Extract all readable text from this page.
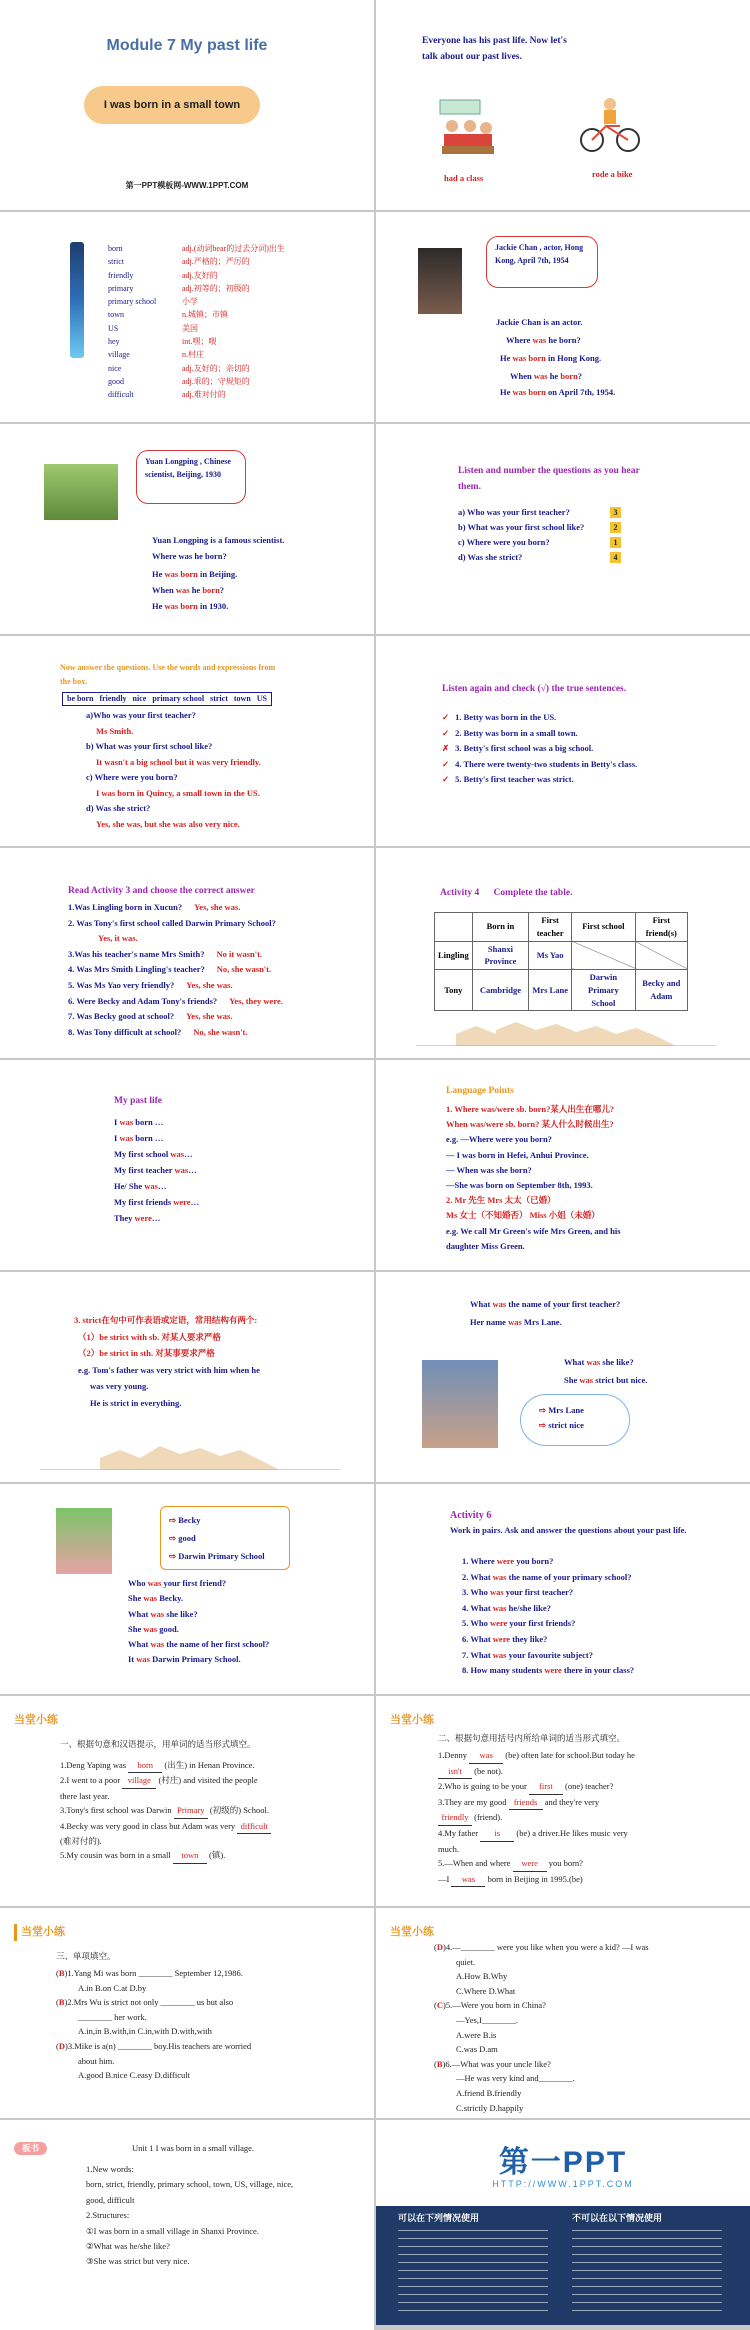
Module 7 My past life
I was born in a small town
第一PPT模板网-WWW.1PPT.COM
Everyone has his past life. Now let's
talk about our past lives.
had a class	rode a bike
born	adj.(动词bear的过去分词)出生
strict	adj.严格的；严厉的
friendly	adj.友好的
primary	adj.初等的；初级的
primary school	小学
town	n.城镇；市镇
US	美国
hey	int.嘿；喂
village	n.村庄
nice	adj.友好的；亲切的
good	adj.乖的；守规矩的
difficult	adj.难对付的
Jackie Chan , actor, Hong Kong, April 7th, 1954
Jackie Chan is an actor.
Where was he born?
He was born in Hong Kong.
When was he born?
He was born on April 7th, 1954.
Yuan Longping , Chinese scientist, Beijing, 1930
Yuan Longping is a famous scientist.
Where was he born?
He was born in Beijing.
When was he born?
He was born in 1930.
Listen and number the questions as you hear
them.
a) Who was your first teacher?	3
b) What was your first school like?	2
c) Where were you born?	1
d) Was she strict?	4
Now answer the questions. Use the words and expressions from
the box.
be born   friendly   nice   primary school   strict   town   US
a)Who was your first teacher?
Ms Smith.
b) What was your first school like?
It wasn't a big school but it was very friendly.
c) Where were you born?
I was born in Quincy, a small town in the US.
d) Was she strict?
Yes, she was, but she was also very nice.
Listen again and check (√) the true sentences.
✓ 1. Betty was born in the US.
✓ 2. Betty was born in a small town.
✗ 3. Betty's first school was a big school.
✓ 4. There were twenty-two students in Betty's class.
✓ 5. Betty's first teacher was strict.
Read Activity 3 and choose the correct answer
1.Was Lingling born in Xucun? Yes, she was.
2. Was Tony's first school called Darwin Primary School?
Yes, it was.
3.Was his teacher's name Mrs Smith? No it wasn't.
4. Was Mrs Smith Lingling's teacher? No, she wasn't.
5. Was Ms Yao very friendly? Yes, she was.
6. Were Becky and Adam Tony's friends? Yes, they were.
7. Was Becky good at school? Yes, she was.
8. Was Tony difficult at school? No, she wasn't.
Activity 4      Complete the table.
	Born in	First teacher	First school	First friend(s)
Lingling	Shanxi Province	Ms Yao		
Tony	Cambridge	Mrs Lane	Darwin Primary School	Becky and Adam
My past life
I was born …
I was born …
My first school was…
My first teacher was…
He/ She was…
My first friends were…
They were…
Language Points
1. Where was/were sb. born?某人出生在哪儿?
When was/were sb. born? 某人什么时候出生?
e.g. —Where were you born?
— I was born in Hefei, Anhui Province.
— When was she born?
—She was born on September 8th, 1993.
2. Mr 先生 Mrs 太太（已婚）
Ms 女士（不知婚否） Miss 小姐（未婚）
e.g. We call Mr Green's wife Mrs Green, and his
daughter Miss Green.
3. strict在句中可作表语或定语，常用结构有两个:
（1）be strict with sb. 对某人要求严格
（2）be strict in sth. 对某事要求严格
e.g. Tom's father was very strict with him when he
was very young.
He is strict in everything.
What was the name of your first teacher?
Her name was Mrs Lane.
What was she like?
She was strict but nice.
⇨ Mrs Lane
⇨ strict nice
⇨ Becky
⇨ good
⇨ Darwin Primary School
Who was your first friend?
She was Becky.
What was she like?
She was good.
What was the name of her first school?
It was Darwin Primary School.
Activity 6
Work in pairs. Ask and answer the questions about your past life.
1. Where were you born?
2. What was the name of your primary school?
3. Who was your first teacher?
4. What was he/she like?
5. Who were your first friends?
6. What were they like?
7. What was your favourite subject?
8. How many students were there in your class?
当堂小练
一、根据句意和汉语提示，用单词的适当形式填空。
1.Deng Yaping was born (出生) in Henan Province.
2.I went to a poor village (村庄) and visited the people
there last year.
3.Tony's first school was Darwin Primary (初级的) School.
4.Becky was very good in class but Adam was very difficult
(难对付的).
5.My cousin was born in a small town (镇).
当堂小练
二、根据句意用括号内所给单词的适当形式填空。
1.Denny was (be) often late for school.But today he
isn't (be not).
2.Who is going to be your first (one) teacher?
3.They are my good friends and they're very
friendly (friend).
4.My father is (be) a driver.He likes music very
much.
5.—When and where were you born?
—I was born in Beijing in 1995.(be)
当堂小练
三、单项填空。
(B)1.Yang Mi was born ________ September 12,1986.
A.in B.on C.at D.by
(B)2.Mrs Wu is strict not only ________ us but also
________ her work.
A.in,in B.with,in C.in,with D.with,with
(D)3.Mike is a(n) ________ boy.His teachers are worried
about him.
A.good B.nice C.easy D.difficult
当堂小练
(D)4.—________ were you like when you were a kid? —I was
quiet.
A.How B.Why
C.Where D.What
(C)5.—Were you born in China?
—Yes,I________.
A.were B.is
C.was D.am
(B)6.—What was your uncle like?
—He was very kind and________.
A.friend B.friendly
C.strictly D.happily
板书	Unit 1 I was born in a small village.
1.New words:
born, strict, friendly, primary school, town, US, village, nice,
good, difficult
2.Structures:
①I was born in a small village in Shanxi Province.
②What was he/she like?
③She was strict but very nice.
第一PPT
HTTP://WWW.1PPT.COM
可以在下列情况使用	不可以在以下情况使用
